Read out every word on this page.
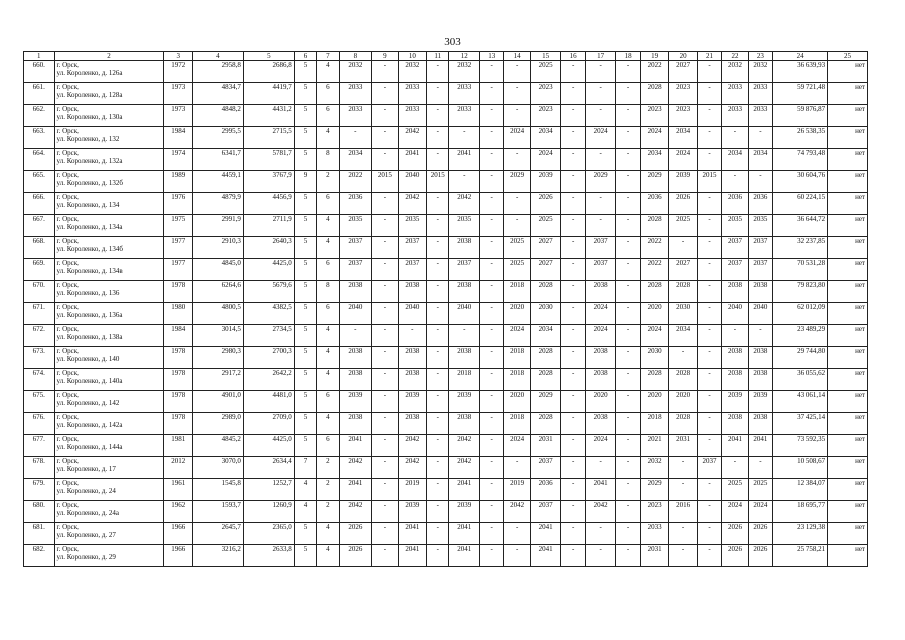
303
1	2	3	4	5	6	7	8	9	10	11	12	13	14	15	16	17	18	19	20	21	22	23	24	25
660.	г. Орск,
ул. Короленко, д. 126а	1972	2958,8	2686,8	5	4	2032	-	2032	-	2032	-	-	2025	-	-	-	2022	2027	-	2032	2032	36 639,93	нет
661.	г. Орск,
ул. Короленко, д. 128а	1973	4834,7	4419,7	5	6	2033	-	2033	-	2033	-	-	2023	-	-	-	2028	2023	-	2033	2033	59 721,48	нет
662.	г. Орск,
ул. Короленко, д. 130а	1973	4848,2	4431,2	5	6	2033	-	2033	-	2033	-	-	2023	-	-	-	2023	2023	-	2033	2033	59 876,87	нет
663.	г. Орск,
ул. Короленко, д. 132	1984	2995,5	2715,5	5	4	-	-	2042	-	-	-	2024	2034	-	2024	-	2024	2034	-	-	-	26 538,35	нет
664.	г. Орск,
ул. Короленко, д. 132а	1974	6341,7	5781,7	5	8	2034	-	2041	-	2041	-	-	2024	-	-	-	2034	2024	-	2034	2034	74 793,48	нет
665.	г. Орск,
ул. Короленко, д. 132б	1989	4459,1	3767,9	9	2	2022	2015	2040	2015	-	-	2029	2039	-	2029	-	2029	2039	2015	-	-	30 604,76	нет
666.	г. Орск,
ул. Короленко, д. 134	1976	4879,9	4456,9	5	6	2036	-	2042	-	2042	-	-	2026	-	-	-	2036	2026	-	2036	2036	60 224,15	нет
667.	г. Орск,
ул. Короленко, д. 134а	1975	2991,9	2711,9	5	4	2035	-	2035	-	2035	-	-	2025	-	-	-	2028	2025	-	2035	2035	36 644,72	нет
668.	г. Орск,
ул. Короленко, д. 134б	1977	2910,3	2640,3	5	4	2037	-	2037	-	2038	-	2025	2027	-	2037	-	2022	-	-	2037	2037	32 237,85	нет
669.	г. Орск,
ул. Короленко, д. 134в	1977	4845,0	4425,0	5	6	2037	-	2037	-	2037	-	2025	2027	-	2037	-	2022	2027	-	2037	2037	70 531,28	нет
670.	г. Орск,
ул. Короленко, д. 136	1978	6264,6	5679,6	5	8	2038	-	2038	-	2038	-	2018	2028	-	2038	-	2028	2028	-	2038	2038	79 823,80	нет
671.	г. Орск,
ул. Короленко, д. 136а	1980	4800,5	4382,5	5	6	2040	-	2040	-	2040	-	2020	2030	-	2024	-	2020	2030	-	2040	2040	62 012,09	нет
672.	г. Орск,
ул. Короленко, д. 138а	1984	3014,5	2734,5	5	4	-	-	-	-	-	-	2024	2034	-	2024	-	2024	2034	-	-	-	23 489,29	нет
673.	г. Орск,
ул. Короленко, д. 140	1978	2980,3	2700,3	5	4	2038	-	2038	-	2038	-	2018	2028	-	2038	-	2030	-	-	2038	2038	29 744,80	нет
674.	г. Орск,
ул. Короленко, д. 140а	1978	2917,2	2642,2	5	4	2038	-	2038	-	2018	-	2018	2028	-	2038	-	2028	2028	-	2038	2038	36 055,62	нет
675.	г. Орск,
ул. Короленко, д. 142	1978	4901,0	4481,0	5	6	2039	-	2039	-	2039	-	2020	2029	-	2020	-	2020	2020	-	2039	2039	43 061,14	нет
676.	г. Орск,
ул. Короленко, д. 142а	1978	2989,0	2709,0	5	4	2038	-	2038	-	2038	-	2018	2028	-	2038	-	2018	2028	-	2038	2038	37 425,14	нет
677.	г. Орск,
ул. Короленко, д. 144а	1981	4845,2	4425,0	5	6	2041	-	2042	-	2042	-	2024	2031	-	2024	-	2021	2031	-	2041	2041	73 592,35	нет
678.	г. Орск,
ул. Короленко, д. 17	2012	3070,0	2634,4	7	2	2042	-	2042	-	2042	-	-	2037	-	-	-	2032	-	2037	-	-	10 508,67	нет
679.	г. Орск,
ул. Короленко, д. 24	1961	1545,8	1252,7	4	2	2041	-	2019	-	2041	-	2019	2036	-	2041	-	2029	-	-	2025	2025	12 384,07	нет
680.	г. Орск,
ул. Короленко, д. 24а	1962	1593,7	1260,9	4	2	2042	-	2039	-	2039	-	2042	2037	-	2042	-	2023	2016	-	2024	2024	18 695,77	нет
681.	г. Орск,
ул. Короленко, д. 27	1966	2645,7	2365,0	5	4	2026	-	2041	-	2041	-	-	2041	-	-	-	2033	-	-	2026	2026	23 129,38	нет
682.	г. Орск,
ул. Короленко, д. 29	1966	3216,2	2633,8	5	4	2026	-	2041	-	2041	-	-	2041	-	-	-	2031	-	-	2026	2026	25 758,21	нет
